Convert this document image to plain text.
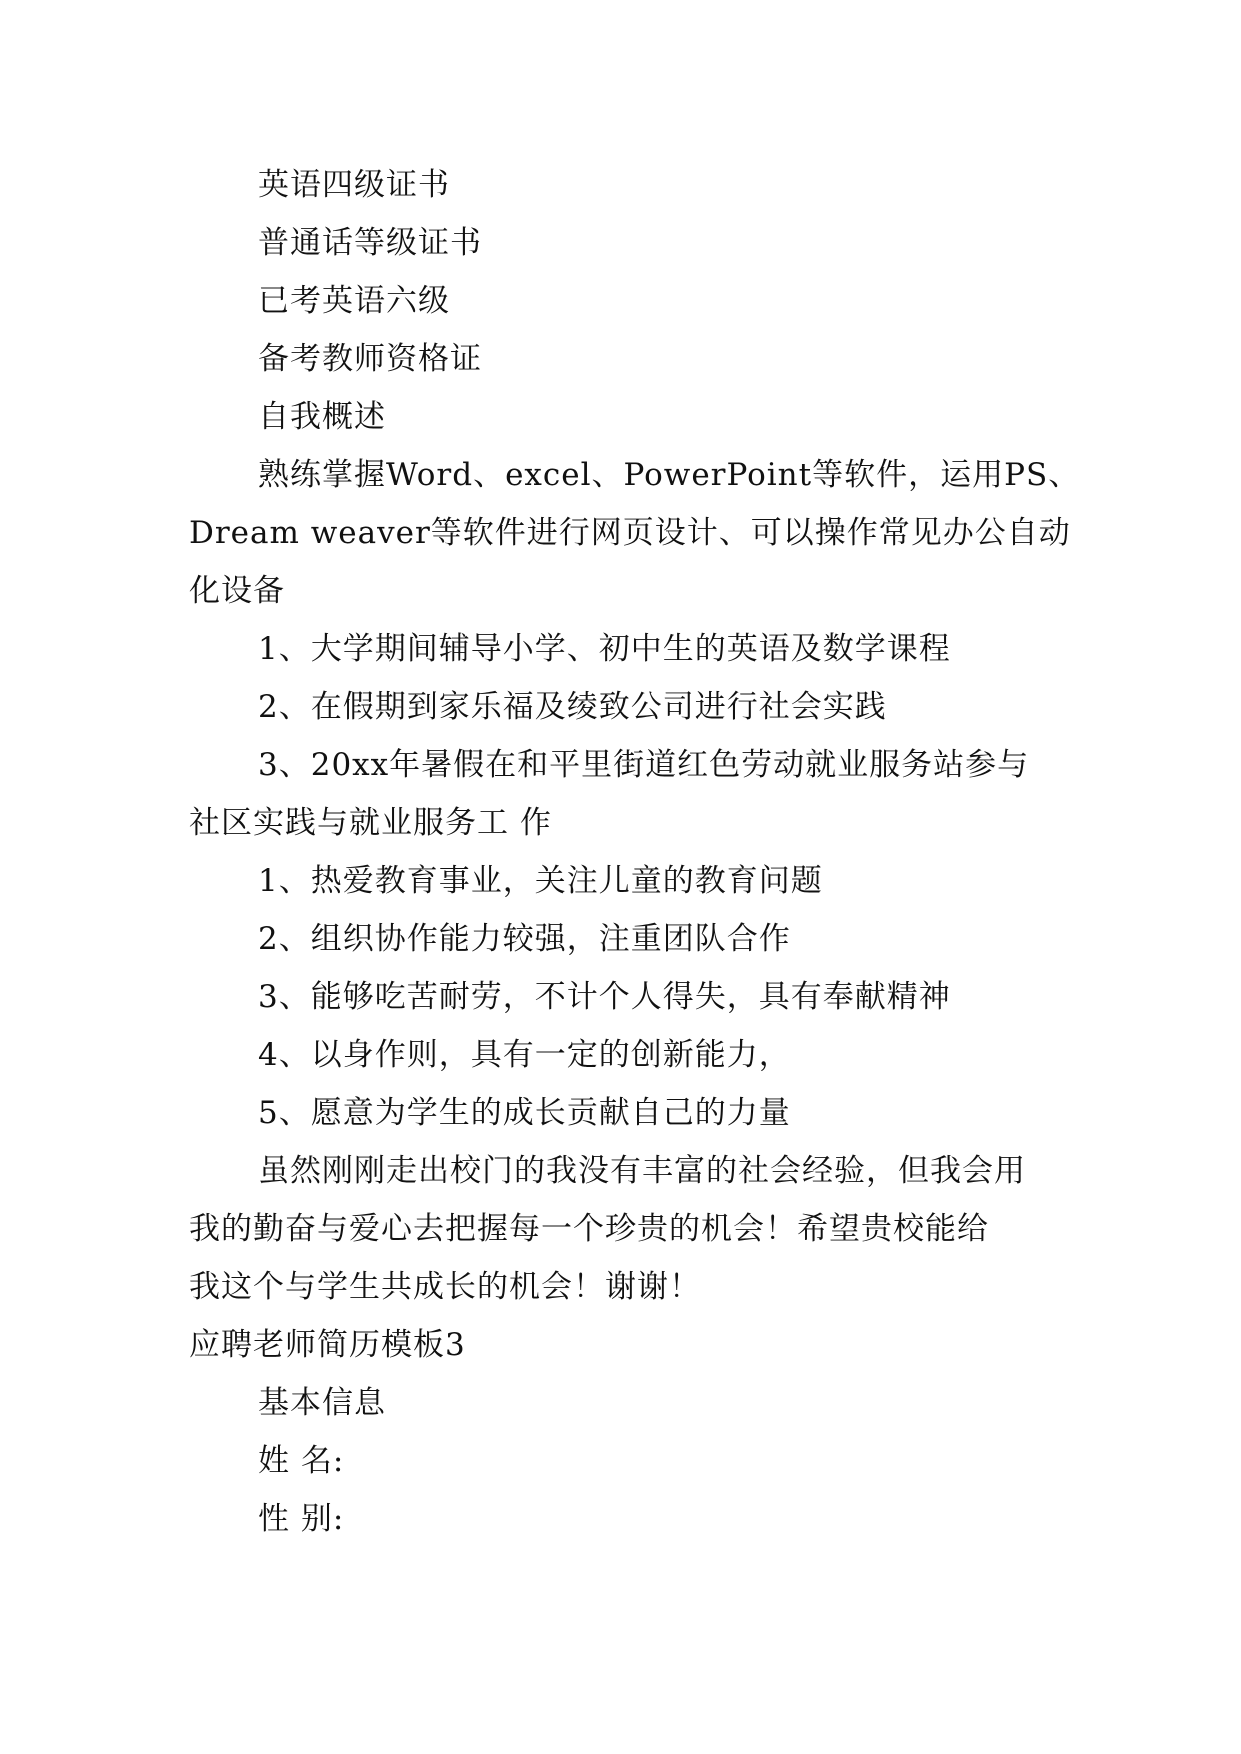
英语四级证书
普通话等级证书
已考英语六级
备考教师资格证
自我概述
熟练掌握Word、excel、PowerPoint等软件，运用PS、
Dream weaver等软件进行网页设计、可以操作常见办公自动
化设备
1、大学期间辅导小学、初中生的英语及数学课程
2、在假期到家乐福及绫致公司进行社会实践
3、20xx年暑假在和平里街道红色劳动就业服务站参与
社区实践与就业服务工 作
1、热爱教育事业，关注儿童的教育问题
2、组织协作能力较强，注重团队合作
3、能够吃苦耐劳，不计个人得失，具有奉献精神
4、以身作则，具有一定的创新能力，
5、愿意为学生的成长贡献自己的力量
虽然刚刚走出校门的我没有丰富的社会经验，但我会用
我的勤奋与爱心去把握每一个珍贵的机会！希望贵校能给
我这个与学生共成长的机会！谢谢！
应聘老师简历模板3
基本信息
姓 名:
性 别:
